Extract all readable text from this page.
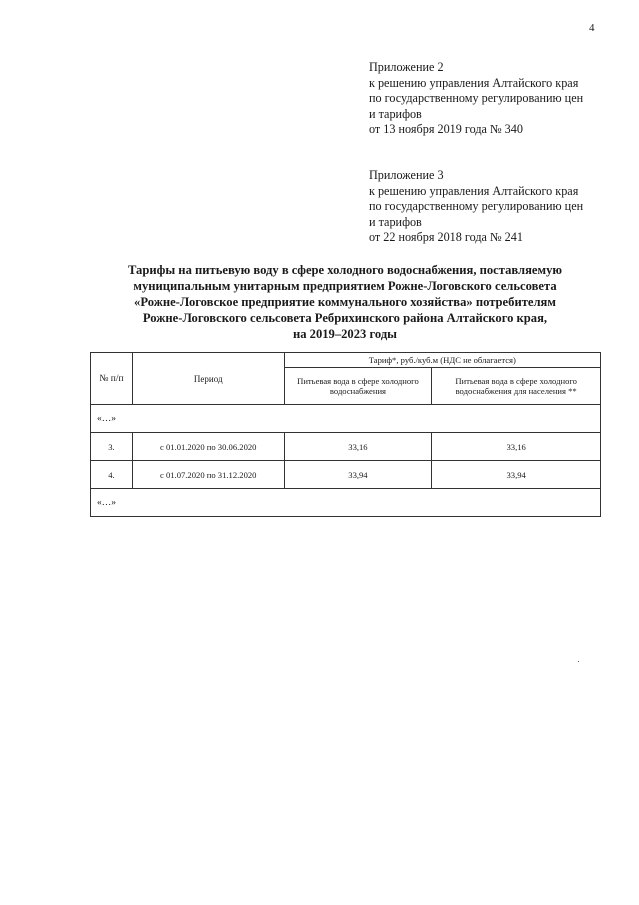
4
Приложение 2
к решению управления Алтайского края
по государственному регулированию цен
и тарифов
от 13 ноября 2019 года № 340
Приложение 3
к решению управления Алтайского края
по государственному регулированию цен
и тарифов
от 22 ноября 2018 года № 241
Тарифы на питьевую воду в сфере холодного водоснабжения, поставляемую
муниципальным унитарным предприятием Рожне-Логовского сельсовета
«Рожне-Логовское предприятие коммунального хозяйства» потребителям
Рожне-Логовского сельсовета Ребрихинского района Алтайского края,
на 2019–2023 годы
№ п/п	Период	Тариф*, руб./куб.м (НДС не облагается)	
		Питьевая вода в сфере холодного водоснабжения	Питьевая вода в сфере холодного водоснабжения для населения **
«…»			
3.	с 01.01.2020 по 30.06.2020	33,16	33,16
4.	с 01.07.2020 по 31.12.2020	33,94	33,94
«…»			
